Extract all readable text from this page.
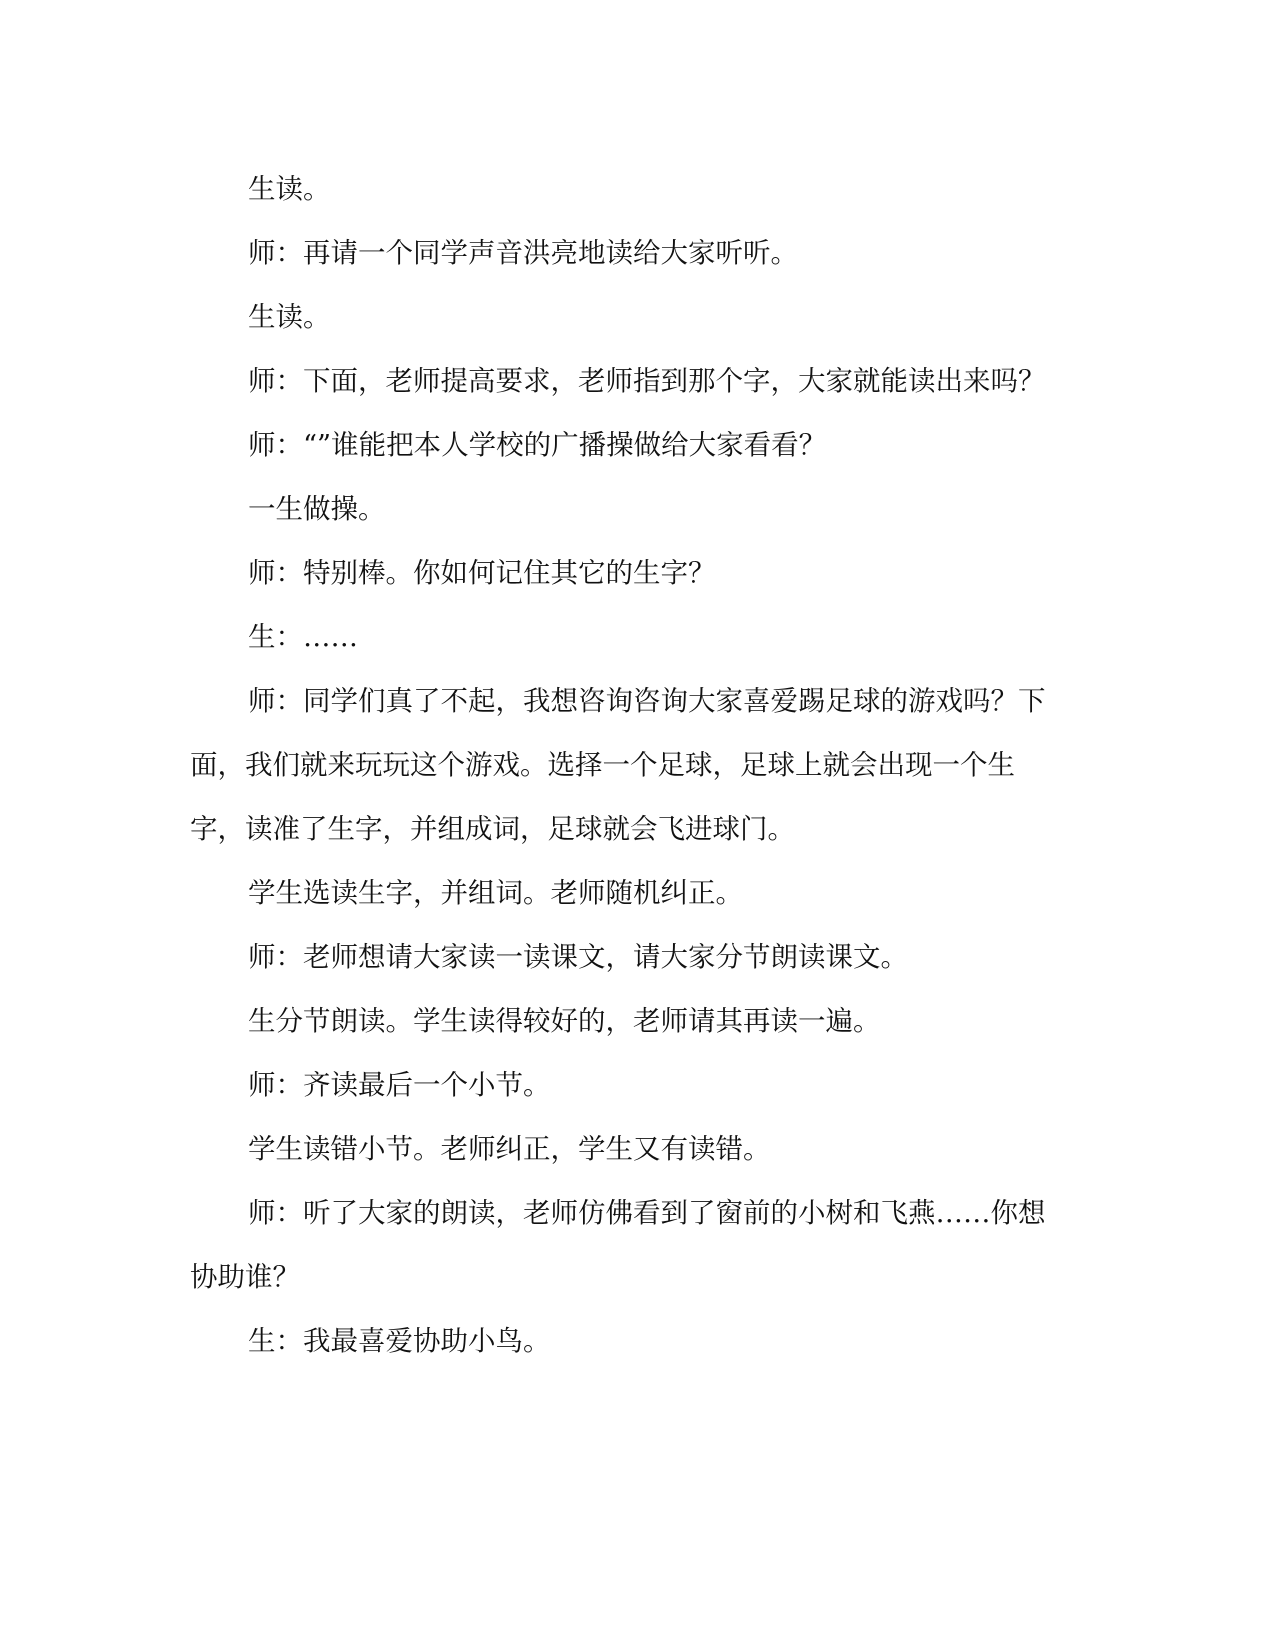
生读。

师：再请一个同学声音洪亮地读给大家听听。

生读。

师：下面，老师提高要求，老师指到那个字，大家就能读出来吗？

师：“”谁能把本人学校的广播操做给大家看看？

一生做操。

师：特别棒。你如何记住其它的生字？

生：……

师：同学们真了不起，我想咨询咨询大家喜爱踢足球的游戏吗？下面，我们就来玩玩这个游戏。选择一个足球，足球上就会出现一个生字，读准了生字，并组成词，足球就会飞进球门。

学生选读生字，并组词。老师随机纠正。

师：老师想请大家读一读课文，请大家分节朗读课文。

生分节朗读。学生读得较好的，老师请其再读一遍。

师：齐读最后一个小节。

学生读错小节。老师纠正，学生又有读错。

师：听了大家的朗读，老师仿佛看到了窗前的小树和飞燕……你想协助谁？

生：我最喜爱协助小鸟。
